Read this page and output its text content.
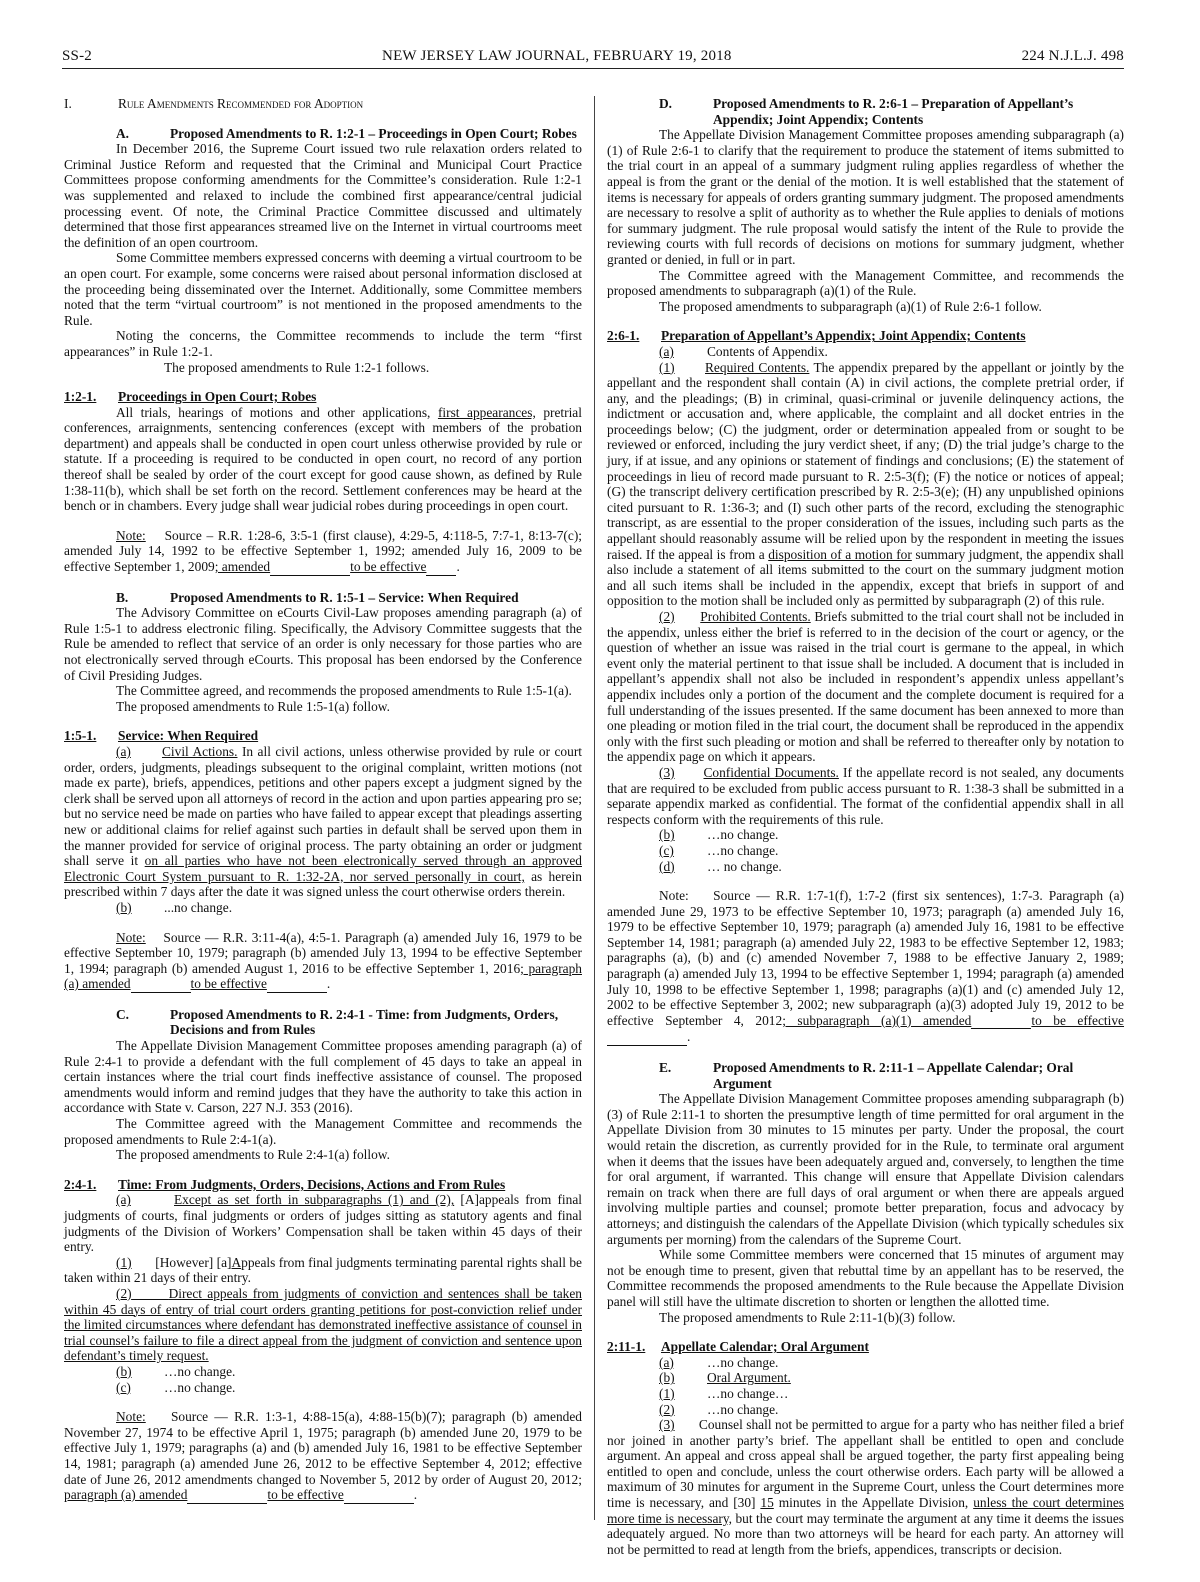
SS-2	NEW JERSEY LAW JOURNAL, FEBRUARY 19, 2018	224 N.J.L.J. 498
I.	Rule Amendments Recommended for Adoption
A.	Proposed Amendments to R. 1:2-1 – Proceedings in Open Court; Robes

In December 2016, the Supreme Court issued two rule relaxation orders related to Criminal Justice Reform and requested that the Criminal and Municipal Court Practice Committees propose conforming amendments for the Committee’s consideration. Rule 1:2-1 was supplemented and relaxed to include the combined first appearance/central judicial processing event. Of note, the Criminal Practice Committee discussed and ultimately determined that those first appearances streamed live on the Internet in virtual courtrooms meet the definition of an open courtroom.

Some Committee members expressed concerns with deeming a virtual courtroom to be an open court. For example, some concerns were raised about personal information disclosed at the proceeding being disseminated over the Internet. Additionally, some Committee members noted that the term “virtual courtroom” is not mentioned in the proposed amendments to the Rule.

Noting the concerns, the Committee recommends to include the term “first appearances” in Rule 1:2-1.

The proposed amendments to Rule 1:2-1 follows.

1:2-1.	Proceedings in Open Court; Robes

All trials, hearings of motions and other applications, first appearances, pretrial conferences, arraignments, sentencing conferences (except with members of the probation department) and appeals shall be conducted in open court unless otherwise provided by rule or statute. If a proceeding is required to be conducted in open court, no record of any portion thereof shall be sealed by order of the court except for good cause shown, as defined by Rule 1:38-11(b), which shall be set forth on the record. Settlement conferences may be heard at the bench or in chambers. Every judge shall wear judicial robes during proceedings in open court.

Note: Source – R.R. 1:28-6, 3:5-1 (first clause), 4:29-5, 4:118-5, 7:7-1, 8:13-7(c); amended July 14, 1992 to be effective September 1, 1992; amended July 16, 2009 to be effective September 1, 2009; amended	to be effective .

B.	Proposed Amendments to R. 1:5-1 – Service: When Required

The Advisory Committee on eCourts Civil-Law proposes amending paragraph (a) of Rule 1:5-1 to address electronic filing. Specifically, the Advisory Committee suggests that the Rule be amended to reflect that service of an order is only necessary for those parties who are not electronically served through eCourts. This proposal has been endorsed by the Conference of Civil Presiding Judges.

The Committee agreed, and recommends the proposed amendments to Rule 1:5-1(a).

The proposed amendments to Rule 1:5-1(a) follow.

1:5-1.	Service: When Required

(a) Civil Actions. In all civil actions, unless otherwise provided by rule or court order, orders, judgments, pleadings subsequent to the original complaint, written motions (not made ex parte), briefs, appendices, petitions and other papers except a judgment signed by the clerk shall be served upon all attorneys of record in the action and upon parties appearing pro se; but no service need be made on parties who have failed to appear except that pleadings asserting new or additional claims for relief against such parties in default shall be served upon them in the manner provided for service of original process. The party obtaining an order or judgment shall serve it on all parties who have not been electronically served through an approved Electronic Court System pursuant to R. 1:32-2A, nor served personally in court, as herein prescribed within 7 days after the date it was signed unless the court otherwise orders therein.

(b)	...no change.

Note: Source — R.R. 3:11-4(a), 4:5-1. Paragraph (a) amended July 16, 1979 to be effective September 10, 1979; paragraph (b) amended July 13, 1994 to be effective September 1, 1994; paragraph (b) amended August 1, 2016 to be effective September 1, 2016; paragraph (a) amended	to be effective	.

C.	Proposed Amendments to R. 2:4-1 - Time: from Judgments, Orders, Decisions and from Rules

The Appellate Division Management Committee proposes amending paragraph (a) of Rule 2:4-1 to provide a defendant with the full complement of 45 days to take an appeal in certain instances where the trial court finds ineffective assistance of counsel. The proposed amendments would inform and remind judges that they have the authority to take this action in accordance with State v. Carson, 227 N.J. 353 (2016).

The Committee agreed with the Management Committee and recommends the proposed amendments to Rule 2:4-1(a).

The proposed amendments to Rule 2:4-1(a) follow.

2:4-1.	Time: From Judgments, Orders, Decisions, Actions and From Rules

(a)	Except as set forth in subparagraphs (1) and (2), [A]appeals from final judgments of courts, final judgments or orders of judges sitting as statutory agents and final judgments of the Division of Workers’ Compensation shall be taken within 45 days of their entry.

(1) [However] [a]Appeals from final judgments terminating parental rights shall be taken within 21 days of their entry.

(2)	Direct appeals from judgments of conviction and sentences shall be taken within 45 days of entry of trial court orders granting petitions for post-conviction relief under the limited circumstances where defendant has demonstrated ineffective assistance of counsel in trial counsel’s failure to file a direct appeal from the judgment of conviction and sentence upon defendant’s timely request.

(b)	…no change.
(c)	…no change.

Note: Source — R.R. 1:3-1, 4:88-15(a), 4:88-15(b)(7); paragraph (b) amended November 27, 1974 to be effective April 1, 1975; paragraph (b) amended June 20, 1979 to be effective July 1, 1979; paragraphs (a) and (b) amended July 16, 1981 to be effective September 14, 1981; paragraph (a) amended June 26, 2012 to be effective September 4, 2012; effective date of June 26, 2012 amendments changed to November 5, 2012 by order of August 20, 2012; paragraph (a) amended	to be effective	.

D.	Proposed Amendments to R. 2:6-1 – Preparation of Appellant’s Appendix; Joint Appendix; Contents

The Appellate Division Management Committee proposes amending subparagraph (a)(1) of Rule 2:6-1 to clarify that the requirement to produce the statement of items submitted to the trial court in an appeal of a summary judgment ruling applies regardless of whether the appeal is from the grant or the denial of the motion. It is well established that the statement of items is necessary for appeals of orders granting summary judgment. The proposed amendments are necessary to resolve a split of authority as to whether the Rule applies to denials of motions for summary judgment. The rule proposal would satisfy the intent of the Rule to provide the reviewing courts with full records of decisions on motions for summary judgment, whether granted or denied, in full or in part.

The Committee agreed with the Management Committee, and recommends the proposed amendments to subparagraph (a)(1) of the Rule.

The proposed amendments to subparagraph (a)(1) of Rule 2:6-1 follow.

2:6-1.	Preparation of Appellant’s Appendix; Joint Appendix; Contents
(a)	Contents of Appendix.

(1) Required Contents. The appendix prepared by the appellant or jointly by the appellant and the respondent shall contain (A) in civil actions, the complete pretrial order, if any, and the pleadings; (B) in criminal, quasi-criminal or juvenile delinquency actions, the indictment or accusation and, where applicable, the complaint and all docket entries in the proceedings below; (C) the judgment, order or determination appealed from or sought to be reviewed or enforced, including the jury verdict sheet, if any; (D) the trial judge’s charge to the jury, if at issue, and any opinions or statement of findings and conclusions; (E) the statement of proceedings in lieu of record made pursuant to R. 2:5-3(f); (F) the notice or notices of appeal; (G) the transcript delivery certification prescribed by R. 2:5-3(e); (H) any unpublished opinions cited pursuant to R. 1:36-3; and (I) such other parts of the record, excluding the stenographic transcript, as are essential to the proper consideration of the issues, including such parts as the appellant should reasonably assume will be relied upon by the respondent in meeting the issues raised. If the appeal is from a disposition of a motion for summary judgment, the appendix shall also include a statement of all items submitted to the court on the summary judgment motion and all such items shall be included in the appendix, except that briefs in support of and opposition to the motion shall be included only as permitted by subparagraph (2) of this rule.

(2) Prohibited Contents. Briefs submitted to the trial court shall not be included in the appendix, unless either the brief is referred to in the decision of the court or agency, or the question of whether an issue was raised in the trial court is germane to the appeal, in which event only the material pertinent to that issue shall be included. A document that is included in appellant’s appendix shall not also be included in respondent’s appendix unless appellant’s appendix includes only a portion of the document and the complete document is required for a full understanding of the issues presented. If the same document has been annexed to more than one pleading or motion filed in the trial court, the document shall be reproduced in the appendix only with the first such pleading or motion and shall be referred to thereafter only by notation to the appendix page on which it appears.

(3) Confidential Documents. If the appellate record is not sealed, any documents that are required to be excluded from public access pursuant to R. 1:38-3 shall be submitted in a separate appendix marked as confidential. The format of the confidential appendix shall in all respects conform with the requirements of this rule.

(b)	…no change.
(c)	…no change.
(d)	… no change.

Note: Source — R.R. 1:7-1(f), 1:7-2 (first six sentences), 1:7-3. Paragraph (a) amended June 29, 1973 to be effective September 10, 1973; paragraph (a) amended July 16, 1979 to be effective September 10, 1979; paragraph (a) amended July 16, 1981 to be effective September 14, 1981; paragraph (a) amended July 22, 1983 to be effective September 12, 1983; paragraphs (a), (b) and (c) amended November 7, 1988 to be effective January 2, 1989; paragraph (a) amended July 13, 1994 to be effective September 1, 1994; paragraph (a) amended July 10, 1998 to be effective September 1, 1998; paragraphs (a)(1) and (c) amended July 12, 2002 to be effective September 3, 2002; new subparagraph (a)(3) adopted July 19, 2012 to be effective September 4, 2012; subparagraph (a)(1) amended	to be effective .

E.	Proposed Amendments to R. 2:11-1 – Appellate Calendar; Oral Argument

The Appellate Division Management Committee proposes amending subparagraph (b)(3) of Rule 2:11-1 to shorten the presumptive length of time permitted for oral argument in the Appellate Division from 30 minutes to 15 minutes per party. Under the proposal, the court would retain the discretion, as currently provided for in the Rule, to terminate oral argument when it deems that the issues have been adequately argued and, conversely, to lengthen the time for oral argument, if warranted. This change will ensure that Appellate Division calendars remain on track when there are full days of oral argument or when there are appeals argued involving multiple parties and counsel; promote better preparation, focus and advocacy by attorneys; and distinguish the calendars of the Appellate Division (which typically schedules six arguments per morning) from the calendars of the Supreme Court.

While some Committee members were concerned that 15 minutes of argument may not be enough time to present, given that rebuttal time by an appellant has to be reserved, the Committee recommends the proposed amendments to the Rule because the Appellate Division panel will still have the ultimate discretion to shorten or lengthen the allotted time.

The proposed amendments to Rule 2:11-1(b)(3) follow.

2:11-1.	Appellate Calendar; Oral Argument
(a)	…no change.
(b)	Oral Argument.
(1)	…no change…
(2)	…no change.

(3) Counsel shall not be permitted to argue for a party who has neither filed a brief nor joined in another party’s brief. The appellant shall be entitled to open and conclude argument. An appeal and cross appeal shall be argued together, the party first appealing being entitled to open and conclude, unless the court otherwise orders. Each party will be allowed a maximum of 30 minutes for argument in the Supreme Court, unless the Court determines more time is necessary, and [30] 15 minutes in the Appellate Division, unless the court determines more time is necessary, but the court may terminate the argument at any time it deems the issues adequately argued. No more than two attorneys will be heard for each party. An attorney will not be permitted to read at length from the briefs, appendices, transcripts or decision.
